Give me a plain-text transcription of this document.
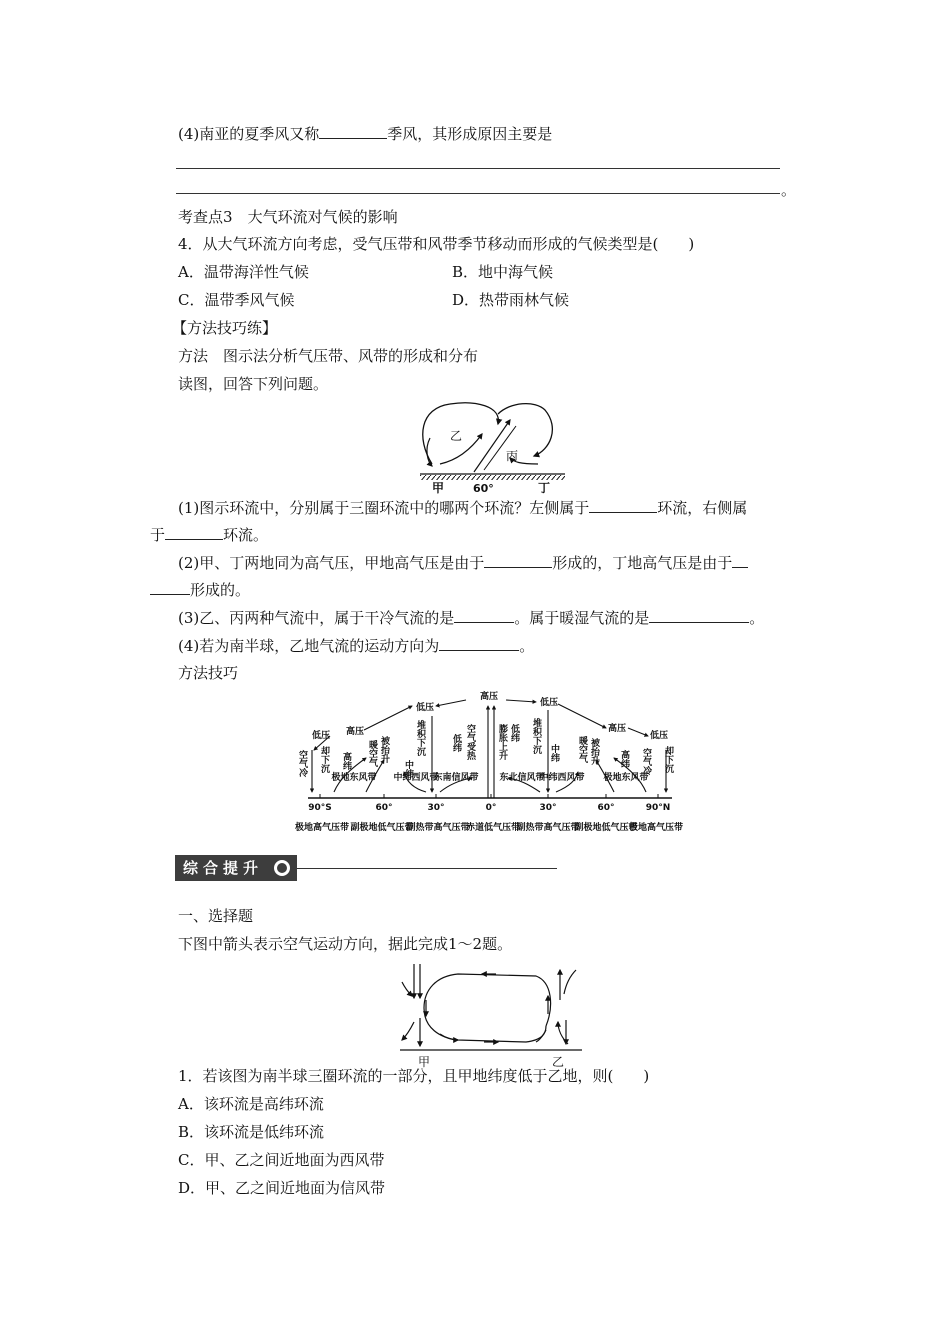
(4)南亚的夏季风又称	季风，其形成原因主要是
。
考查点3　 大气环流对气候的影响
4．从大气环流方向考虑，受气压带和风带季节移动而形成的气候类型是(　　)
A．温带海洋性气候	B．地中海气候
C．温带季风气候	D．热带雨林气候
【方法技巧练】
方法　图示法分析气压带、风带的形成和分布
读图，回答下列问题。
乙
丙
甲	60°	丁
(1)图示环流中，分别属于三圈环流中的哪两个环流？左侧属于	环流，右侧属
于	环流。
(2)甲、丁两地同为高气压，甲地高气压是由于	形成的，丁地高气压是由于
形成的。
(3)乙、丙两种气流中，属于干冷气流的是	。属于暖湿气流的是	。
(4)若为南半球，乙地气流的运动方向为	。
方法技巧
低压 高压
低压
高压
低压
高压
低压
空气冷 却下沉 高纬 暖空气 被抬升	堆积下沉
中纬
低纬 空气受热 膨胀上升 低纬 堆积下沉 中纬 暖空气 被抬升 高纬 空气冷 却下沉
极地东风带 中纬西风带
东南信风带 东北信风带
中纬西风带 极地东风带
90°S	60°	30°	0°	30°	60°	90°N
极地高气压带 副极地低气压带
副热带高气压带
赤道低气压带
副热带高气压带
副极地低气压带
极地高气压带
综合提升
一、选择题
下图中箭头表示空气运动方向，据此完成1～2题。
甲	乙
1．若该图为南半球三圈环流的一部分，且甲地纬度低于乙地，则(　　)
A．该环流是高纬环流
B．该环流是低纬环流
C．甲、乙之间近地面为西风带
D．甲、乙之间近地面为信风带
